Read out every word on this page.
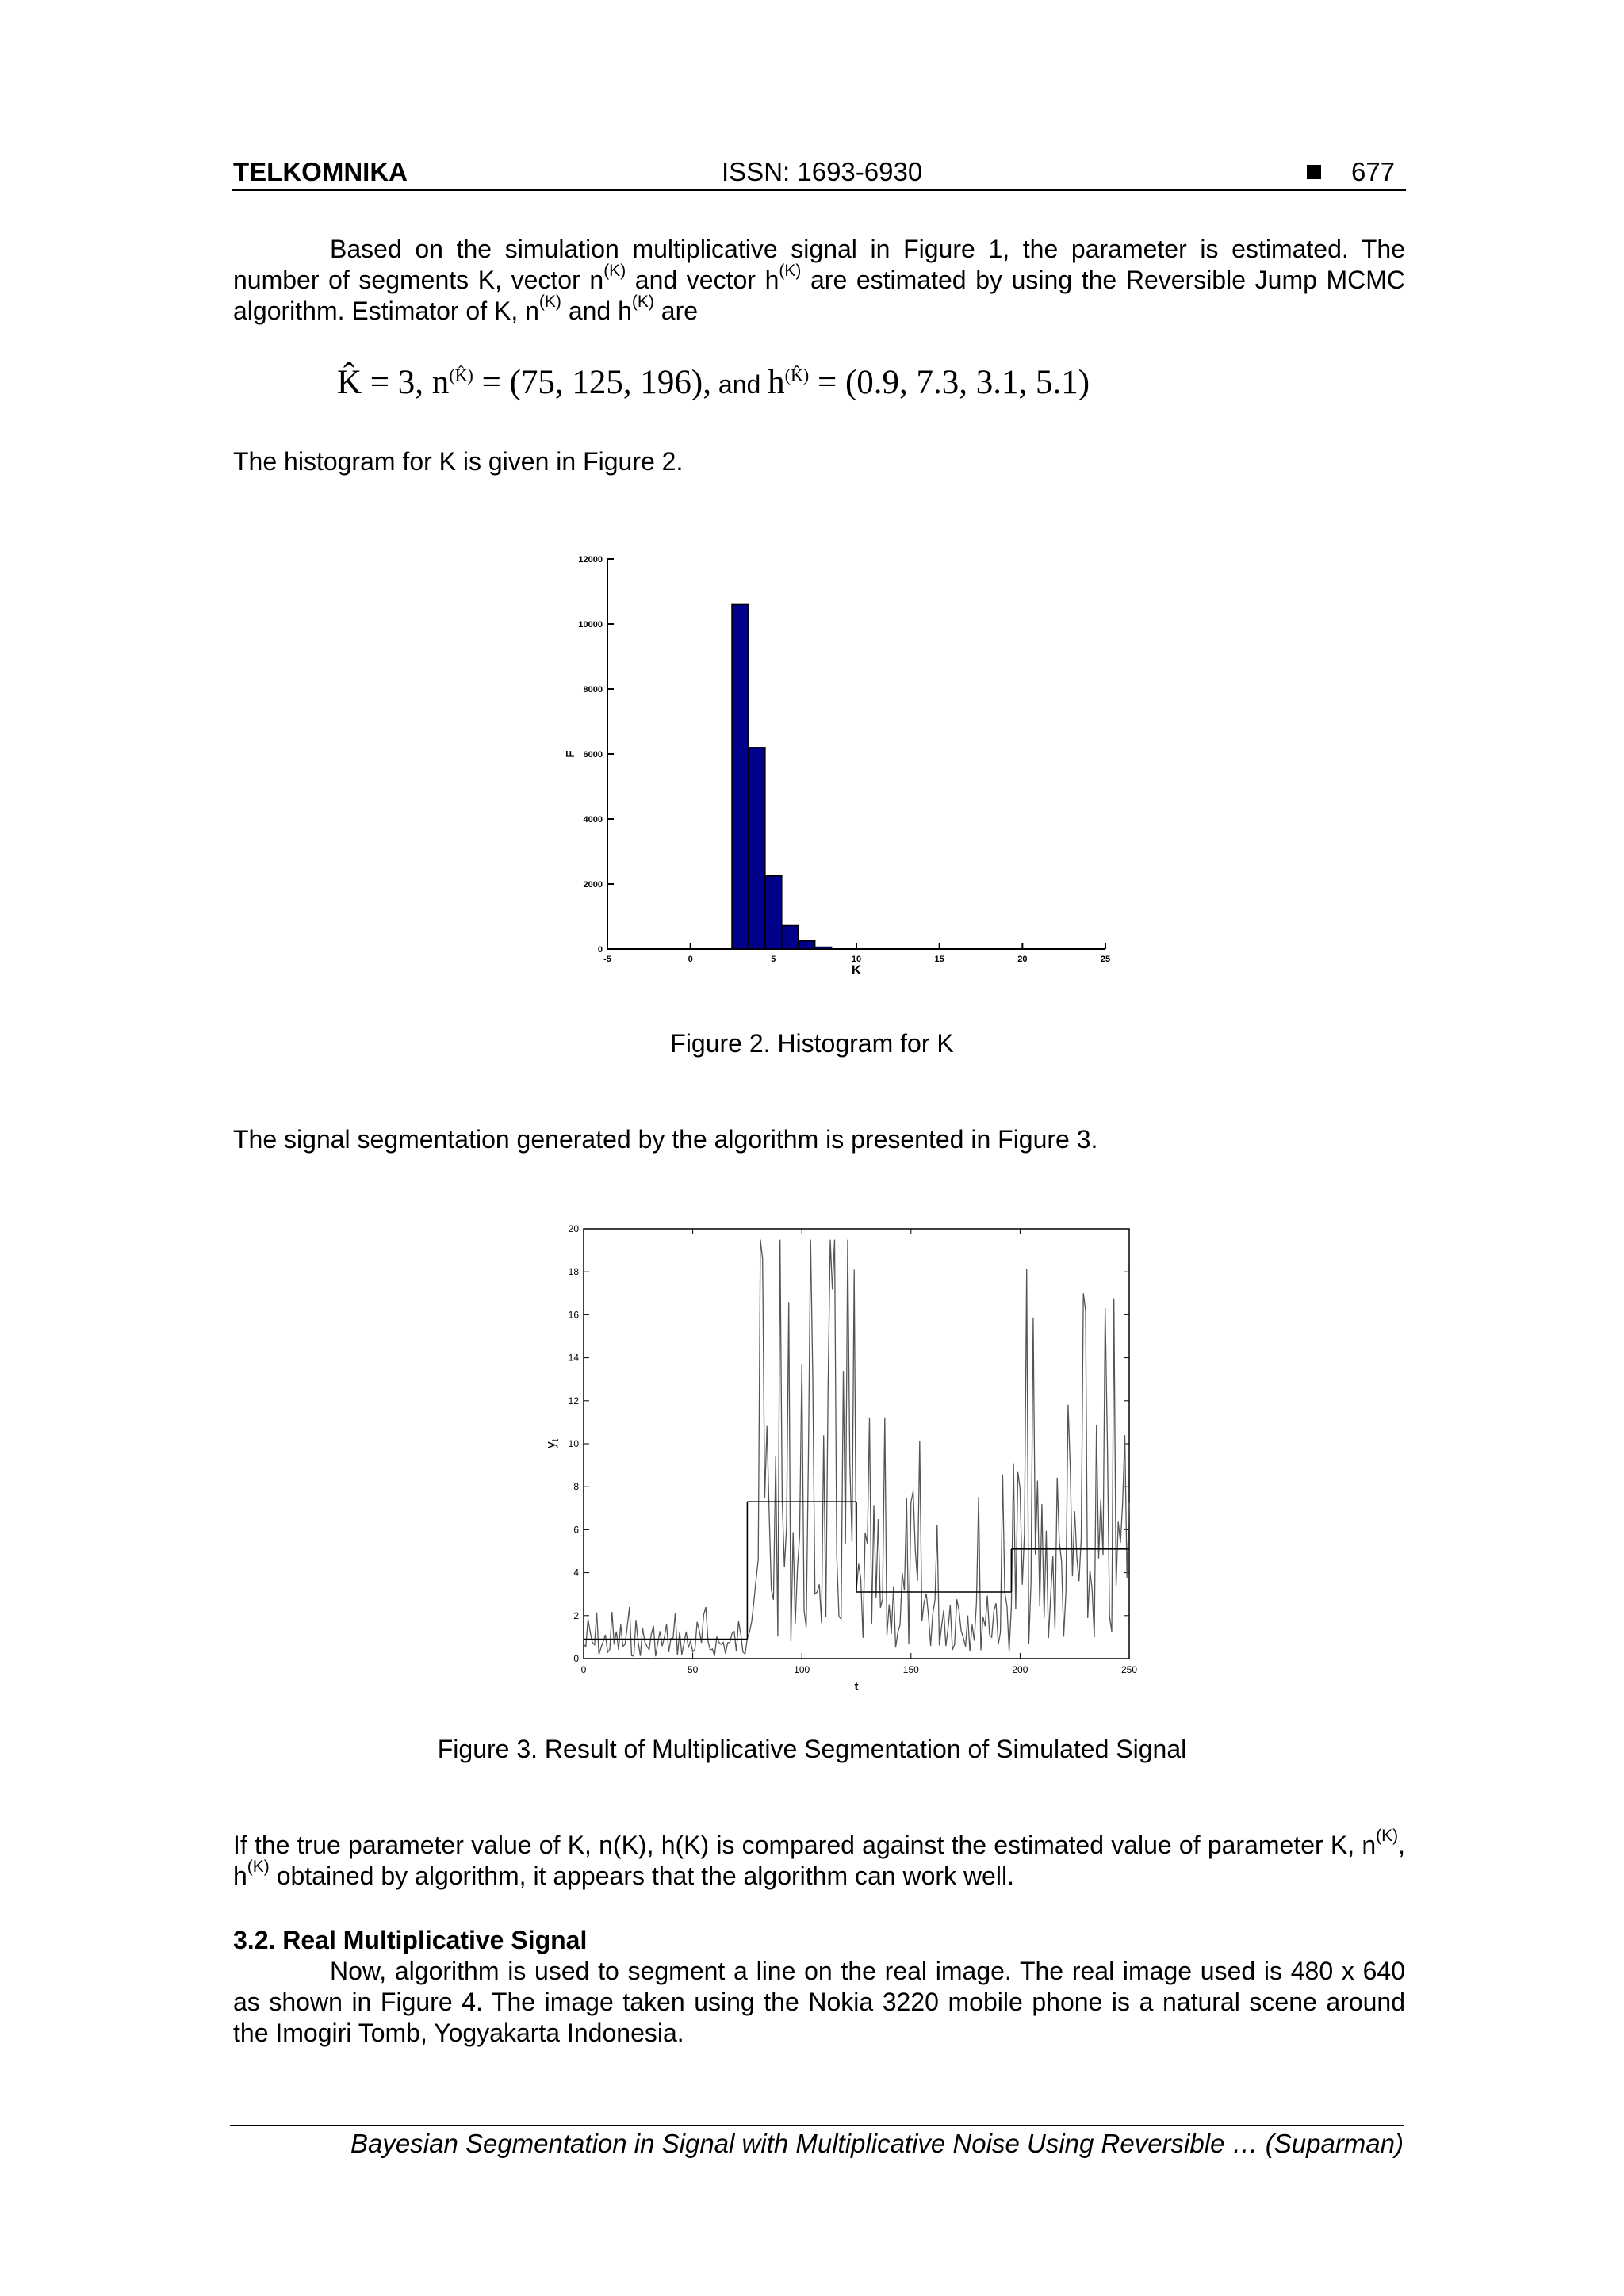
TELKOMNIKA	ISSN: 1693-6930	677
Based on the simulation multiplicative signal in Figure 1, the parameter is estimated. The number of segments K, vector $n^{(K)}$ and vector $h^{(K)}$ are estimated by using the Reversible Jump MCMC algorithm. Estimator of K, $n^{(K)}$ and $h^{(K)}$ are
K̂ = 3, $n^{(K̂)} = (75$, 125, 196), and $h^{(K̂)} = (0.9$, 7.3, 3.1, 5.1)
The histogram for K is given in Figure 2.
0
2000
4000
6000
8000
10000
12000
-5	0	5	10	15	20	25
K
F
Figure 2. Histogram for K
The signal segmentation generated by the algorithm is presented in Figure 3.
0
2
4
6
8
10
12
14
16
18
20
0	50	100	150	200	250
t
$y_t$
Figure 3. Result of Multiplicative Segmentation of Simulated Signal
If the true parameter value of K, n(K), h(K) is compared against the estimated value of parameter K, $n^{(K)}$, $h^{(K)}$ obtained by algorithm, it appears that the algorithm can work well.
3.2. Real Multiplicative Signal
Now, algorithm is used to segment a line on the real image. The real image used is 480 x 640 as shown in Figure 4. The image taken using the Nokia 3220 mobile phone is a natural scene around the Imogiri Tomb, Yogyakarta Indonesia.
Bayesian Segmentation in Signal with Multiplicative Noise Using Reversible … (Suparman)
